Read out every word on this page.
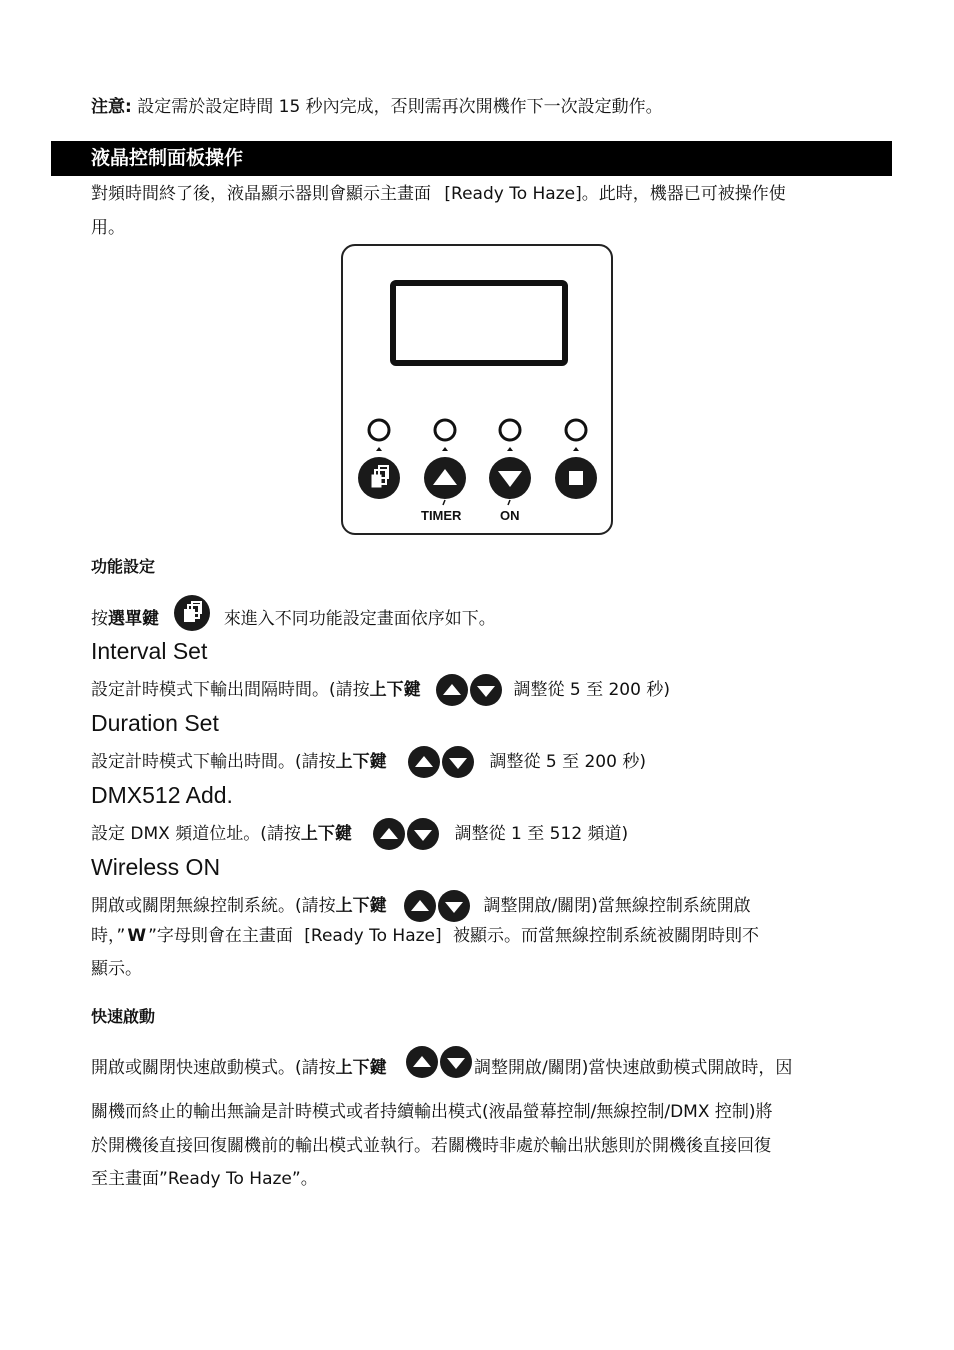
注意: 設定需於設定時間 15 秒內完成，否則需再次開機作下一次設定動作。
液晶控制面板操作
對頻時間終了後，液晶顯示器則會顯示主畫面 [Ready To Haze]。此時，機器已可被操作使
用。
TIMER	ON
功能設定
按選單鍵	來進入不同功能設定畫面依序如下。
Interval Set
設定計時模式下輸出間隔時間。(請按上下鍵	調整從 5 至 200 秒)
Duration Set
設定計時模式下輸出時間。(請按上下鍵	調整從 5 至 200 秒)
DMX512 Add.
設定 DMX 頻道位址。(請按上下鍵	調整從 1 至 512 頻道)
Wireless ON
開啟或關閉無線控制系統。(請按上下鍵	調整開啟/關閉)當無線控制系統開啟
時，” W ”字母則會在主畫面 [Ready To Haze] 被顯示。而當無線控制系統被關閉時則不
顯示。
快速啟動
開啟或關閉快速啟動模式。(請按上下鍵	調整開啟/關閉)當快速啟動模式開啟時，因
關機而終止的輸出無論是計時模式或者持續輸出模式(液晶螢幕控制/無線控制/DMX 控制)將
於開機後直接回復關機前的輸出模式並執行。若關機時非處於輸出狀態則於開機後直接回復
至主畫面”Ready To Haze”。
